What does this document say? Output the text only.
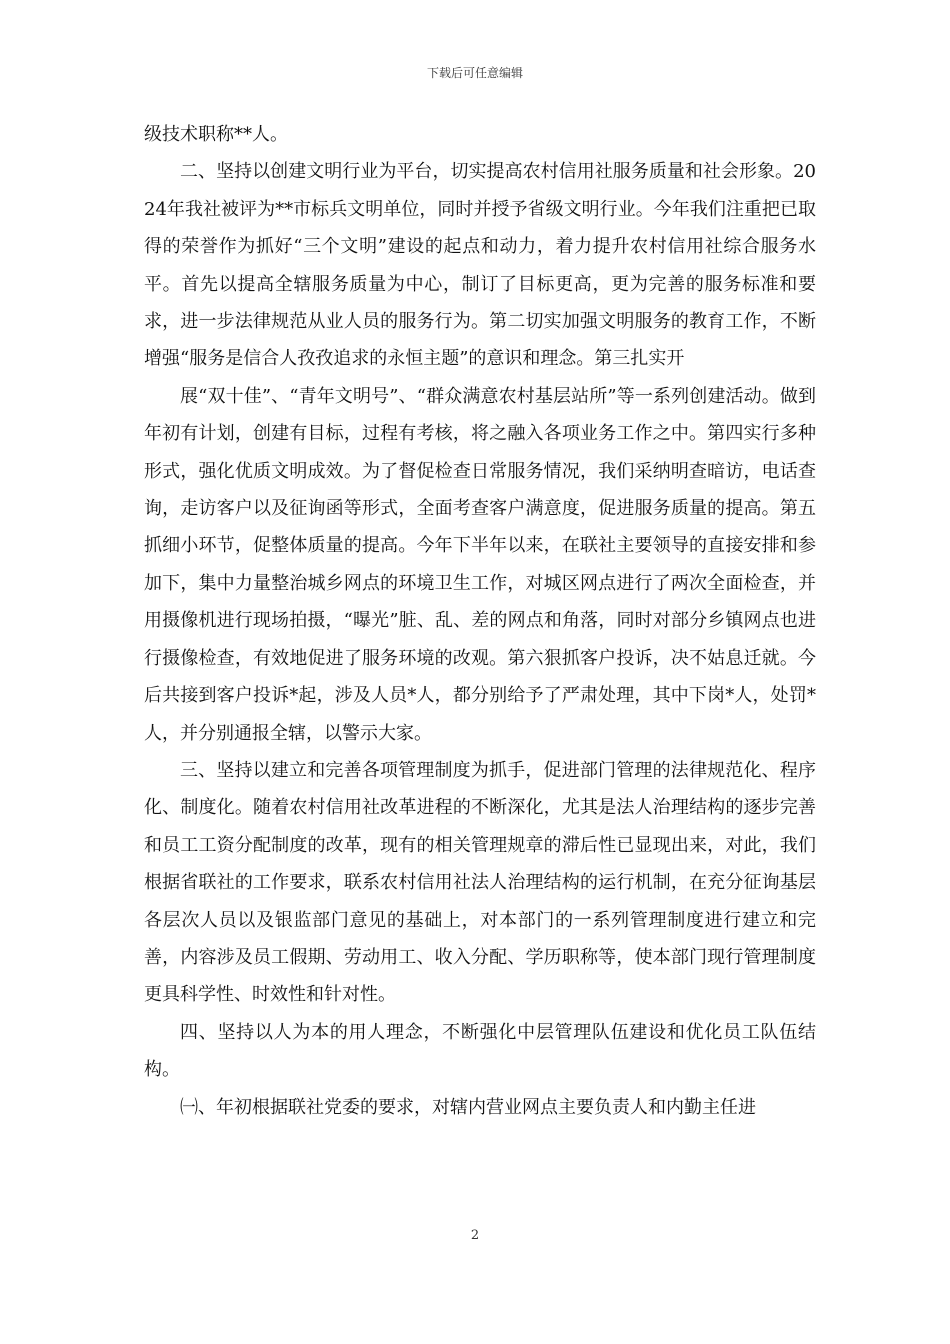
下载后可任意编辑

级技术职称**人。

二、坚持以创建文明行业为平台，切实提高农村信用社服务质量和社会形象。2024年我社被评为**市标兵文明单位，同时并授予省级文明行业。今年我们注重把已取得的荣誉作为抓好“三个文明”建设的起点和动力，着力提升农村信用社综合服务水平。首先以提高全辖服务质量为中心，制订了目标更高，更为完善的服务标准和要求，进一步法律规范从业人员的服务行为。第二切实加强文明服务的教育工作，不断增强“服务是信合人孜孜追求的永恒主题”的意识和理念。第三扎实开

展“双十佳”、“青年文明号”、“群众满意农村基层站所”等一系列创建活动。做到年初有计划，创建有目标，过程有考核，将之融入各项业务工作之中。第四实行多种形式，强化优质文明成效。为了督促检查日常服务情况，我们采纳明查暗访，电话查询，走访客户以及征询函等形式，全面考查客户满意度，促进服务质量的提高。第五抓细小环节，促整体质量的提高。今年下半年以来，在联社主要领导的直接安排和参加下，集中力量整治城乡网点的环境卫生工作，对城区网点进行了两次全面检查，并用摄像机进行现场拍摄，“曝光”脏、乱、差的网点和角落，同时对部分乡镇网点也进行摄像检查，有效地促进了服务环境的改观。第六狠抓客户投诉，决不姑息迁就。今后共接到客户投诉*起，涉及人员*人，都分别给予了严肃处理，其中下岗*人，处罚*人，并分别通报全辖，以警示大家。

三、坚持以建立和完善各项管理制度为抓手，促进部门管理的法律规范化、程序化、制度化。随着农村信用社改革进程的不断深化，尤其是法人治理结构的逐步完善和员工工资分配制度的改革，现有的相关管理规章的滞后性已显现出来，对此，我们根据省联社的工作要求，联系农村信用社法人治理结构的运行机制，在充分征询基层各层次人员以及银监部门意见的基础上，对本部门的一系列管理制度进行建立和完善，内容涉及员工假期、劳动用工、收入分配、学历职称等，使本部门现行管理制度更具科学性、时效性和针对性。

四、坚持以人为本的用人理念，不断强化中层管理队伍建设和优化员工队伍结构。

㈠、年初根据联社党委的要求，对辖内营业网点主要负责人和内勤主任进

2
